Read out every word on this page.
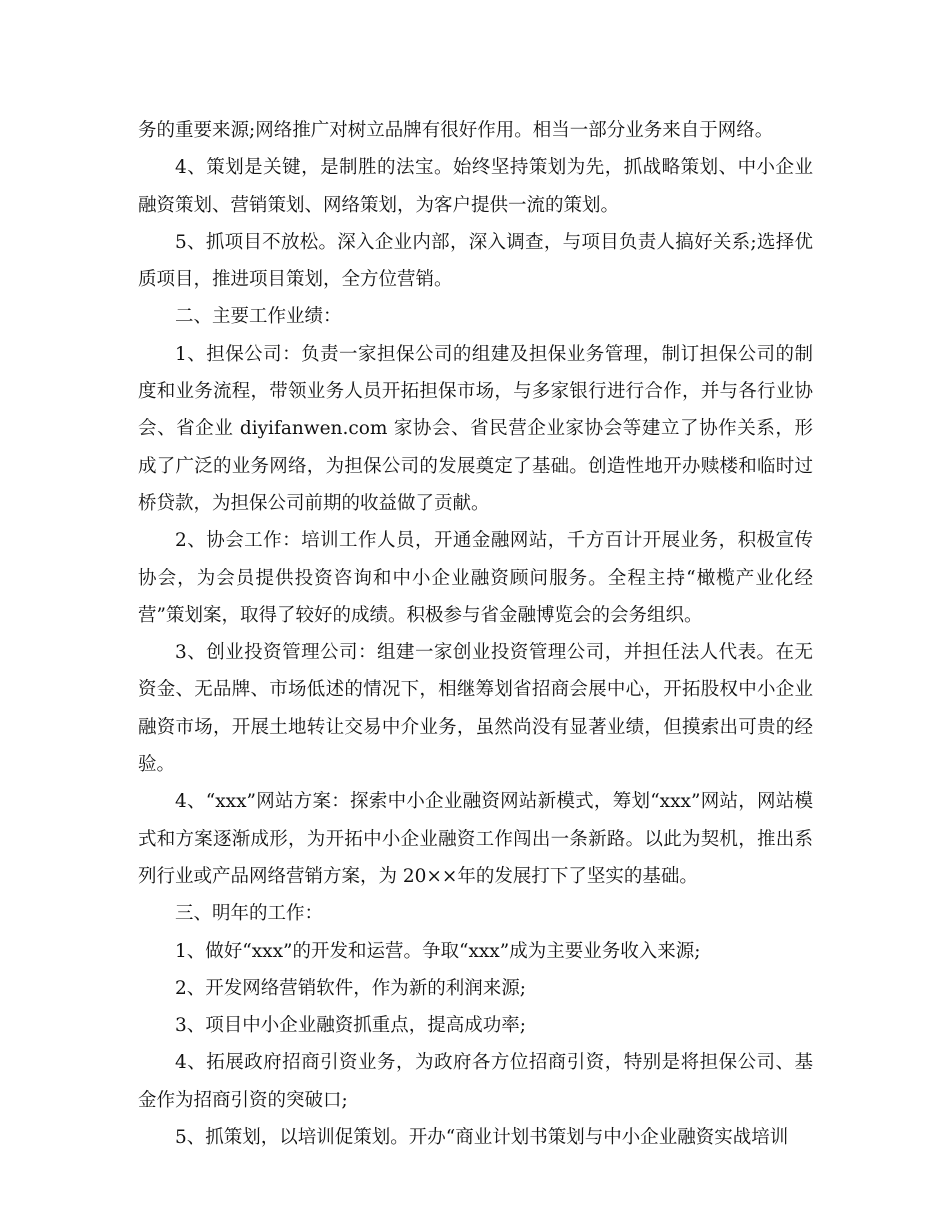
务的重要来源;网络推广对树立品牌有很好作用。相当一部分业务来自于网络。

4、策划是关键，是制胜的法宝。始终坚持策划为先，抓战略策划、中小企业融资策划、营销策划、网络策划，为客户提供一流的策划。

5、抓项目不放松。深入企业内部，深入调查，与项目负责人搞好关系;选择优质项目，推进项目策划，全方位营销。

二、主要工作业绩：

1、担保公司：负责一家担保公司的组建及担保业务管理，制订担保公司的制度和业务流程，带领业务人员开拓担保市场，与多家银行进行合作，并与各行业协会、省企业 diyifanwen.com 家协会、省民营企业家协会等建立了协作关系，形成了广泛的业务网络，为担保公司的发展奠定了基础。创造性地开办赎楼和临时过桥贷款，为担保公司前期的收益做了贡献。

2、协会工作：培训工作人员，开通金融网站，千方百计开展业务，积极宣传协会，为会员提供投资咨询和中小企业融资顾问服务。全程主持“橄榄产业化经营”策划案，取得了较好的成绩。积极参与省金融博览会的会务组织。

3、创业投资管理公司：组建一家创业投资管理公司，并担任法人代表。在无资金、无品牌、市场低述的情况下，相继筹划省招商会展中心，开拓股权中小企业融资市场，开展土地转让交易中介业务，虽然尚没有显著业绩，但摸索出可贵的经验。

4、“xxx”网站方案：探索中小企业融资网站新模式，筹划“xxx”网站，网站模式和方案逐渐成形，为开拓中小企业融资工作闯出一条新路。以此为契机，推出系列行业或产品网络营销方案，为 20××年的发展打下了坚实的基础。

三、明年的工作：

1、做好“xxx”的开发和运营。争取“xxx”成为主要业务收入来源;

2、开发网络营销软件，作为新的利润来源;

3、项目中小企业融资抓重点，提高成功率;

4、拓展政府招商引资业务，为政府各方位招商引资，特别是将担保公司、基金作为招商引资的突破口;

5、抓策划，以培训促策划。开办“商业计划书策划与中小企业融资实战培训
